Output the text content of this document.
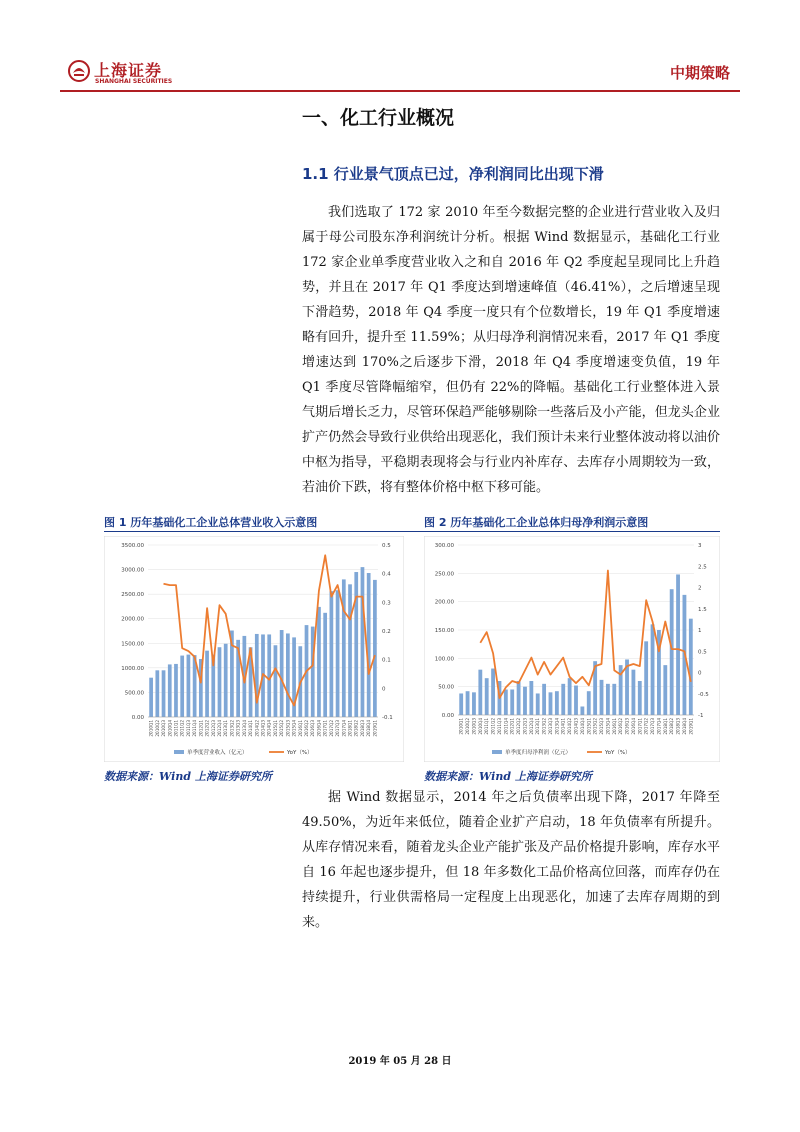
上海证券
SHANGHAI SECURITIES	中期策略
一、化工行业概况
1.1 行业景气顶点已过，净利润同比出现下滑
我们选取了 172 家 2010 年至今数据完整的企业进行营业收入及归属于母公司股东净利润统计分析。根据 Wind 数据显示，基础化工行业 172 家企业单季度营业收入之和自 2016 年 Q2 季度起呈现同比上升趋势，并且在 2017 年 Q1 季度达到增速峰值（46.41%），之后增速呈现下滑趋势，2018 年 Q4 季度一度只有个位数增长，19 年 Q1 季度增速略有回升，提升至 11.59%；从归母净利润情况来看，2017 年 Q1 季度增速达到 170%之后逐步下滑，2018 年 Q4 季度增速变负值，19 年 Q1 季度尽管降幅缩窄，但仍有 22%的降幅。基础化工行业整体进入景气期后增长乏力，尽管环保趋严能够剔除一些落后及小产能，但龙头企业扩产仍然会导致行业供给出现恶化，我们预计未来行业整体波动将以油价中枢为指导，平稳期表现将会与行业内补库存、去库存小周期较为一致，若油价下跌，将有整体价格中枢下移可能。
图 1 历年基础化工企业总体营业收入示意图	图 2 历年基础化工企业总体归母净利润示意图
0.00
500.00
1000.00
1500.00
2000.00
2500.00
3000.00
3500.00
-0.1
0
0.1
0.2
0.3
0.4
0.5
2010Q1 2010Q2 2010Q3 2010Q4 2011Q1 2011Q2 2011Q3 2011Q4 2012Q1 2012Q2 2012Q3 2012Q4 2013Q1 2013Q2 2013Q3 2013Q4 2014Q1 2014Q2 2014Q3 2014Q4 2015Q1 2015Q2 2015Q3 2015Q4 2016Q1 2016Q2 2016Q3 2016Q4 2017Q1 2017Q2 2017Q3 2017Q4 2018Q1 2018Q2 2018Q3 2018Q4 2019Q1
单季度营业收入（亿元）	YoY（%）
0.00
50.00
100.00
150.00
200.00
250.00
300.00
-1
-0.5
0
0.5
1
1.5
2
2.5
3
2010Q1 2010Q2 2010Q3 2010Q4 2011Q1 2011Q2 2011Q3 2011Q4 2012Q1 2012Q2 2012Q3 2012Q4 2013Q1 2013Q2 2013Q3 2013Q4 2014Q1 2014Q2 2014Q3 2014Q4 2015Q1 2015Q2 2015Q3 2015Q4 2016Q1 2016Q2 2016Q3 2016Q4 2017Q1 2017Q2 2017Q3 2017Q4 2018Q1 2018Q2 2018Q3 2018Q4 2019Q1
单季度归母净利润（亿元）	YoY（%）
数据来源：Wind 上海证券研究所	数据来源：Wind 上海证券研究所
据 Wind 数据显示，2014 年之后负债率出现下降，2017 年降至 49.50%，为近年来低位，随着企业扩产启动，18 年负债率有所提升。从库存情况来看，随着龙头企业产能扩张及产品价格提升影响，库存水平自 16 年起也逐步提升，但 18 年多数化工品价格高位回落，而库存仍在持续提升，行业供需格局一定程度上出现恶化，加速了去库存周期的到来。
2019 年 05 月 28 日
